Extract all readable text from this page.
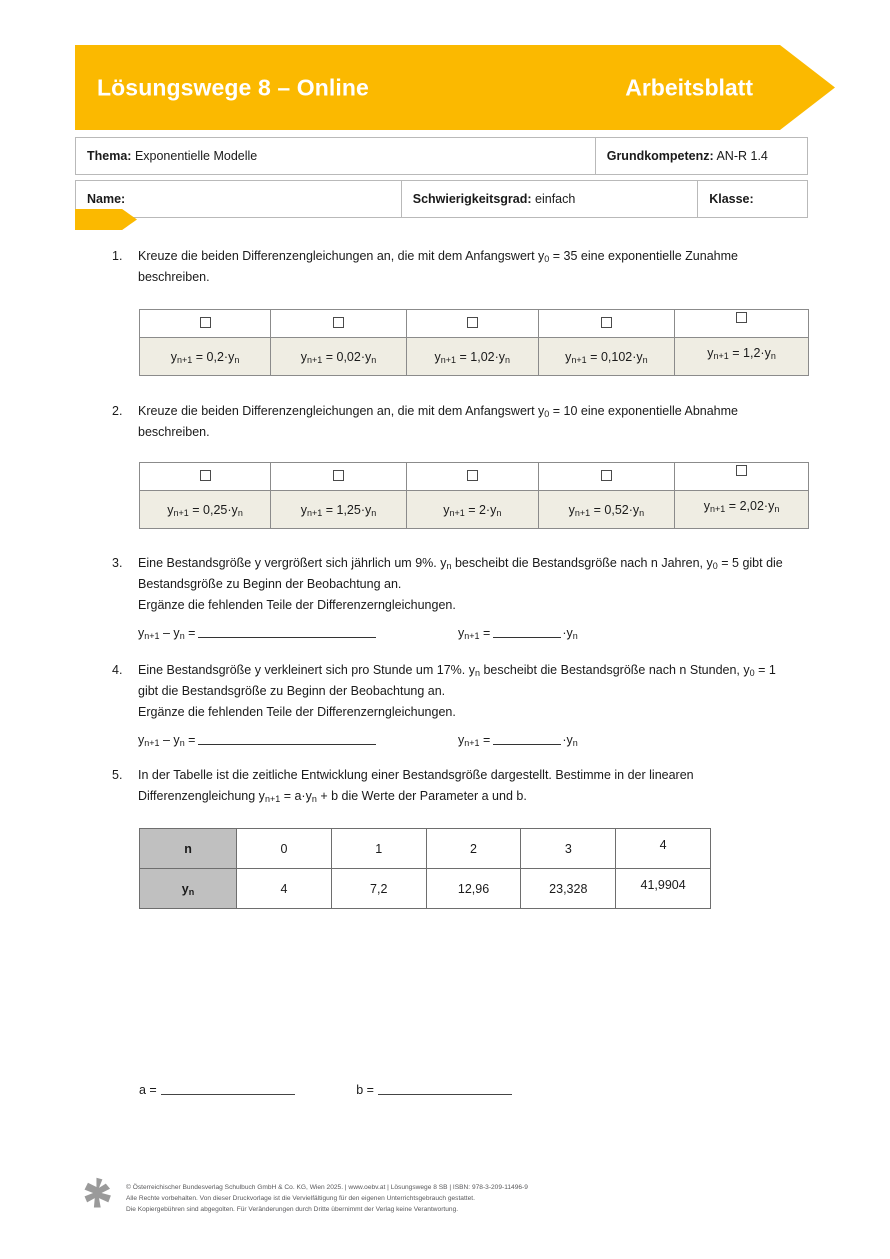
Lösungswege 8 – Online	Arbeitsblatt
Thema: Exponentielle Modelle	Grundkompetenz: AN-R 1.4
Name:	Schwierigkeitsgrad: einfach	Klasse:
1.	Kreuze die beiden Differenzengleichungen an, die mit dem Anfangswert $y_0 = 35$ eine exponentielle Zunahme

beschreiben.

$y_{n+1} = 0,2\cdot y_n$	$y_{n+1} = 0,02\cdot y_n$	$y_{n+1} = 1,02\cdot y_n$	$y_{n+1} = 0,102\cdot y_n$	$y_{n+1} = 1,2\cdot y_n$
2.	Kreuze die beiden Differenzengleichungen an, die mit dem Anfangswert $y_0 = 10$ eine exponentielle Abnahme

beschreiben.

$y_{n+1} = 0,25\cdot y_n$	$y_{n+1} = 1,25\cdot y_n$	$y_{n+1} = 2\cdot y_n$	$y_{n+1} = 0,52\cdot y_n$	$y_{n+1} = 2,02\cdot y_n$
3.	Eine Bestandsgröße y vergrößert sich jährlich um 9%. $y_n$ bescheibt die Bestandsgröße nach n Jahren, $y_0 = 5$ gibt die

Bestandsgröße zu Beginn der Beobachtung an.

Ergänze die fehlenden Teile der Differenzerngleichungen.

$y_{n+1} - y_n$ =	$y_{n+1}$ =	$\cdot y_n$
4.	Eine Bestandsgröße y verkleinert sich pro Stunde um 17%. $y_n$ bescheibt die Bestandsgröße nach n Stunden, $y_0 = 1$

gibt die Bestandsgröße zu Beginn der Beobachtung an.

Ergänze die fehlenden Teile der Differenzerngleichungen.

$y_{n+1} - y_n$ =	$y_{n+1}$ =	$\cdot y_n$
5.	In der Tabelle ist die zeitliche Entwicklung einer Bestandsgröße dargestellt. Bestimme in der linearen

Differenzengleichung $y_{n+1} = a\cdot y_n + b$ die Werte der Parameter a und b.

n	0	1	2	3	4
$y_n$	4	7,2	12,96	23,328	41,9904
a =	b =
© Österreichischer Bundesverlag Schulbuch GmbH & Co. KG, Wien 2025. | www.oebv.at | Lösungswege 8 SB | ISBN: 978-3-209-11496-9
Alle Rechte vorbehalten. Von dieser Druckvorlage ist die Vervielfältigung für den eigenen Unterrichtsgebrauch gestattet.
Die Kopiergebühren sind abgegolten. Für Veränderungen durch Dritte übernimmt der Verlag keine Verantwortung.
